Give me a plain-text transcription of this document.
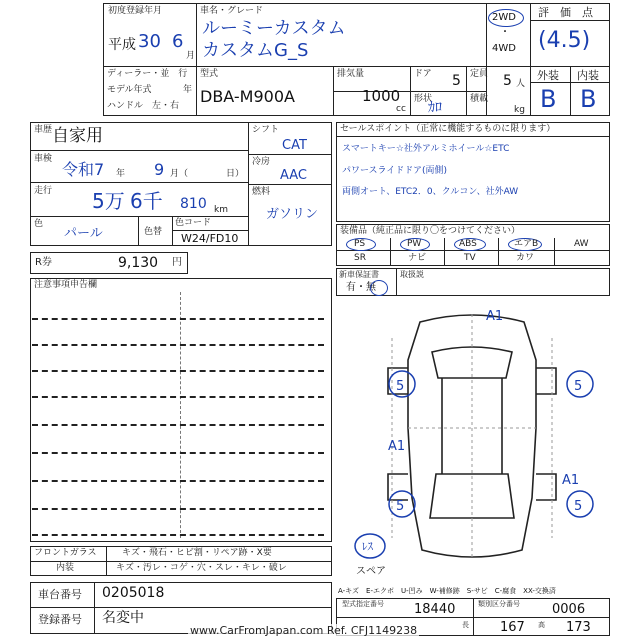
初度登録年月
平成 30 6
月
車名・グレード
ルーミーカスタム
カスタムG_S
2WD
・
4WD
評　価　点
(4.5)
ディーラー・並　行
モデル年式	年
ハンドル　左・右
型式
DBA-M900A
排気量
1000
cc
ドア 5
形状
ｶﾛ
定員 5 人
積載
kg
外装 内装
B B
車歴 自家用
車検
令和7 年 9 月（	日）
走行 5万 6千 810 km
色
パール	色替
色コード
W24/FD10
シフト
CAT
冷房
AAC
燃料
ガソリン
R券	9,130 円
注意事項申告欄
フロントガラス	キズ・飛石・ヒビ割・リペア跡・X要
内装	キズ・汚レ・コゲ・穴・スレ・キレ・破レ
車台番号 0205018
登録番号 名変中
セールスポイント（正常に機能するものに限ります）
スマートキー☆社外アルミホイール☆ETC
パワースライドドア(両側)
両側オート、ETC2．0、クルコン、社外AW
装備品（純正品に限り〇をつけてください）
PS	PW	ABS	エアB	AW
SR	ナビ	TV	カワ
新車保証書
有・無
取扱説
A1
5	5
A1
5	5
A1
ﾚｽ
スペア
A-キズ　E-エクボ　U-凹み　W-補修跡　S-サビ　C-腐食　XX-交換済
型式指定番号 18440	類別区分番号 0006
長 167 高 173
www.CarFromJapan.com Ref. CFJ1149238
